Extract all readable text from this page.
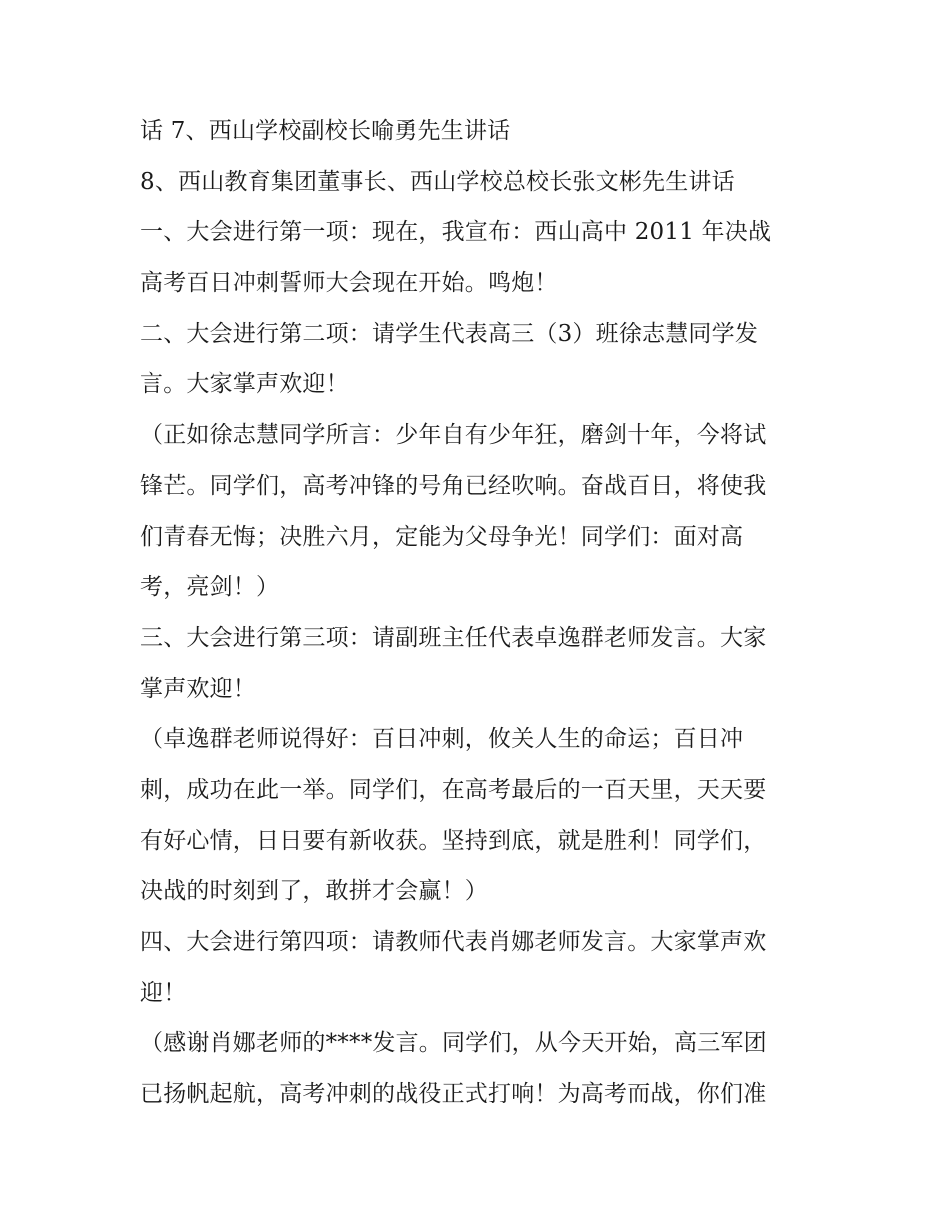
话 7、西山学校副校长喻勇先生讲话
8、西山教育集团董事长、西山学校总校长张文彬先生讲话
一、大会进行第一项：现在，我宣布：西山高中 2011 年决战
高考百日冲刺誓师大会现在开始。鸣炮！
二、大会进行第二项：请学生代表高三（3）班徐志慧同学发
言。大家掌声欢迎！
（正如徐志慧同学所言：少年自有少年狂，磨剑十年，今将试
锋芒。同学们，高考冲锋的号角已经吹响。奋战百日，将使我
们青春无悔；决胜六月，定能为父母争光！同学们：面对高
考，亮剑！）
三、大会进行第三项：请副班主任代表卓逸群老师发言。大家
掌声欢迎！
（卓逸群老师说得好：百日冲刺，攸关人生的命运；百日冲
刺，成功在此一举。同学们，在高考最后的一百天里，天天要
有好心情，日日要有新收获。坚持到底，就是胜利！同学们，
决战的时刻到了，敢拼才会赢！）
四、大会进行第四项：请教师代表肖娜老师发言。大家掌声欢
迎！
（感谢肖娜老师的****发言。同学们，从今天开始，高三军团
已扬帆起航，高考冲刺的战役正式打响！为高考而战，你们准
